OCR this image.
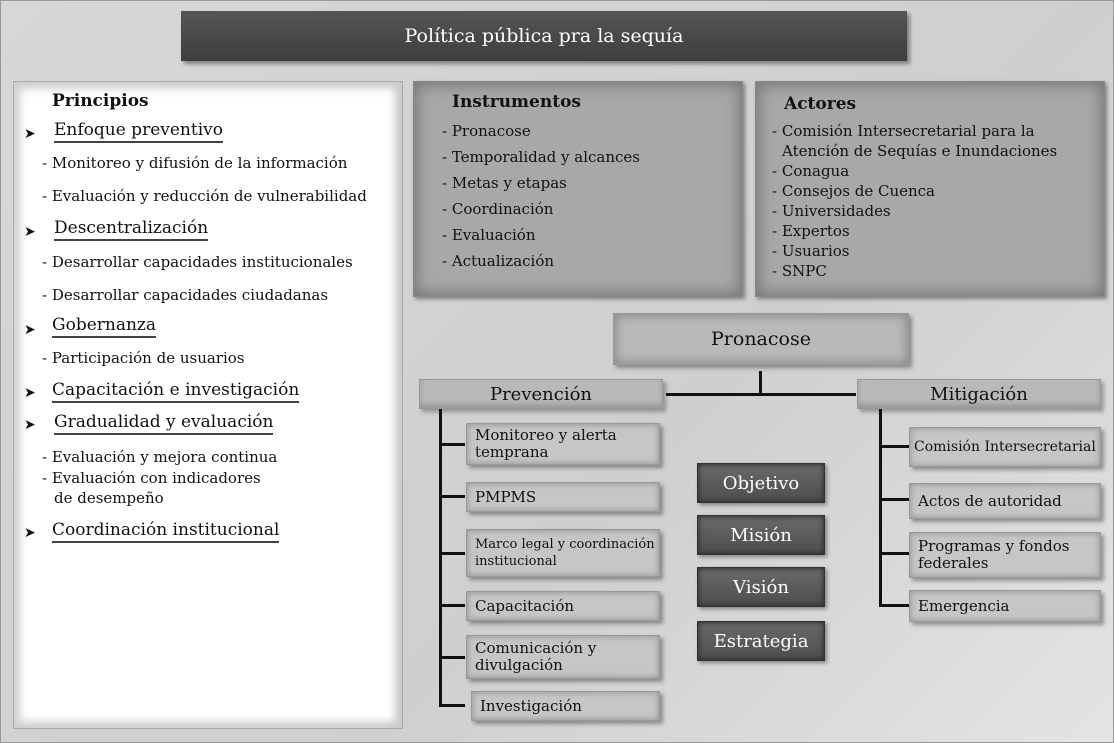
Política pública pra la sequía
Principios
➤ Enfoque preventivo
- Monitoreo y difusión de la información
- Evaluación y reducción de vulnerabilidad
➤ Descentralización
- Desarrollar capacidades institucionales
- Desarrollar capacidades ciudadanas
➤ Gobernanza
- Participación de usuarios
➤ Capacitación e investigación
➤ Gradualidad y evaluación
- Evaluación y mejora continua
- Evaluación con indicadores
de desempeño
➤ Coordinación institucional
Instrumentos
- Pronacose
- Temporalidad y alcances
- Metas y etapas
- Coordinación
- Evaluación
- Actualización
Actores
- Comisión Intersecretarial para la
Atención de Sequías e Inundaciones
- Conagua
- Consejos de Cuenca
- Universidades
- Expertos
- Usuarios
- SNPC
Pronacose
Prevención	Mitigación
Monitoreo y alerta temprana
PMPMS
Marco legal y coordinación institucional
Capacitación
Comunicación y divulgación
Investigación
Objetivo
Misión
Visión
Estrategia
Comisión Intersecretarial
Actos de autoridad
Programas y fondos federales
Emergencia
